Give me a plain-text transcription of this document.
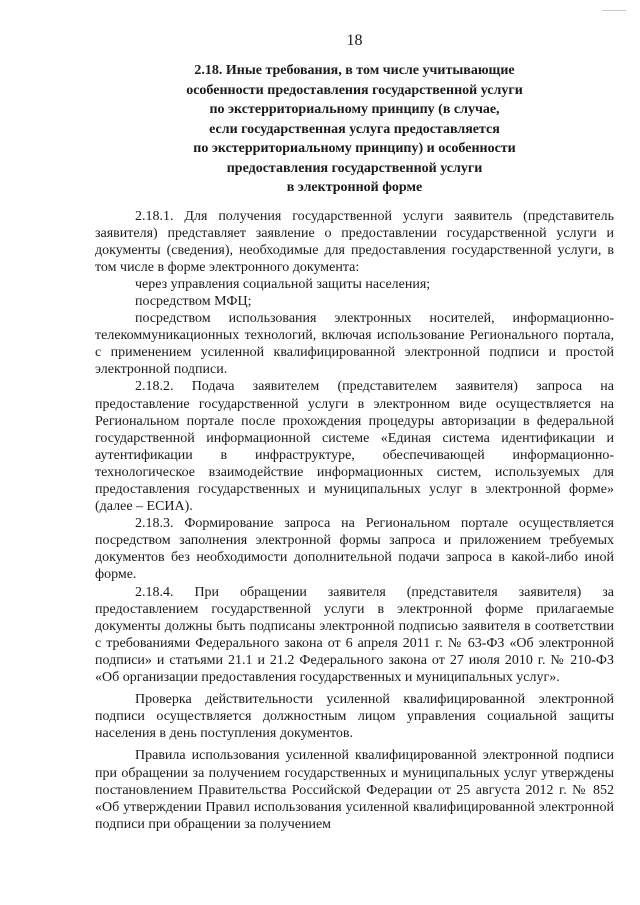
18
2.18. Иные требования, в том числе учитывающие
особенности предоставления государственной услуги
по экстерриториальному принципу (в случае,
если государственная услуга предоставляется
по экстерриториальному принципу) и особенности
предоставления государственной услуги
в электронной форме

2.18.1. Для получения государственной услуги заявитель (представитель заявителя) представляет заявление о предоставлении государственной услуги и документы (сведения), необходимые для предоставления государственной услуги, в том числе в форме электронного документа:

через управления социальной защиты населения;

посредством МФЦ;

посредством использования электронных носителей, информационно-телекоммуникационных технологий, включая использование Регионального портала, с применением усиленной квалифицированной электронной подписи и простой электронной подписи.

2.18.2. Подача заявителем (представителем заявителя) запроса на предоставление государственной услуги в электронном виде осуществляется на Региональном портале после прохождения процедуры авторизации в федеральной государственной информационной системе «Единая система идентификации и аутентификации в инфраструктуре, обеспечивающей информационно-технологическое взаимодействие информационных систем, используемых для предоставления государственных и муниципальных услуг в электронной форме» (далее – ЕСИА).

2.18.3. Формирование запроса на Региональном портале осуществляется посредством заполнения электронной формы запроса и приложением требуемых документов без необходимости дополнительной подачи запроса в какой-либо иной форме.

2.18.4. При обращении заявителя (представителя заявителя) за предоставлением государственной услуги в электронной форме прилагаемые документы должны быть подписаны электронной подписью заявителя в соответствии с требованиями Федерального закона от 6 апреля 2011 г. № 63-ФЗ «Об электронной подписи» и статьями 21.1 и 21.2 Федерального закона от 27 июля 2010 г. № 210-ФЗ «Об организации предоставления государственных и муниципальных услуг».

Проверка действительности усиленной квалифицированной электронной подписи осуществляется должностным лицом управления социальной защиты населения в день поступления документов.

Правила использования усиленной квалифицированной электронной подписи при обращении за получением государственных и муниципальных услуг утверждены постановлением Правительства Российской Федерации от 25 августа 2012 г. № 852 «Об утверждении Правил использования усиленной квалифицированной электронной подписи при обращении за получением
